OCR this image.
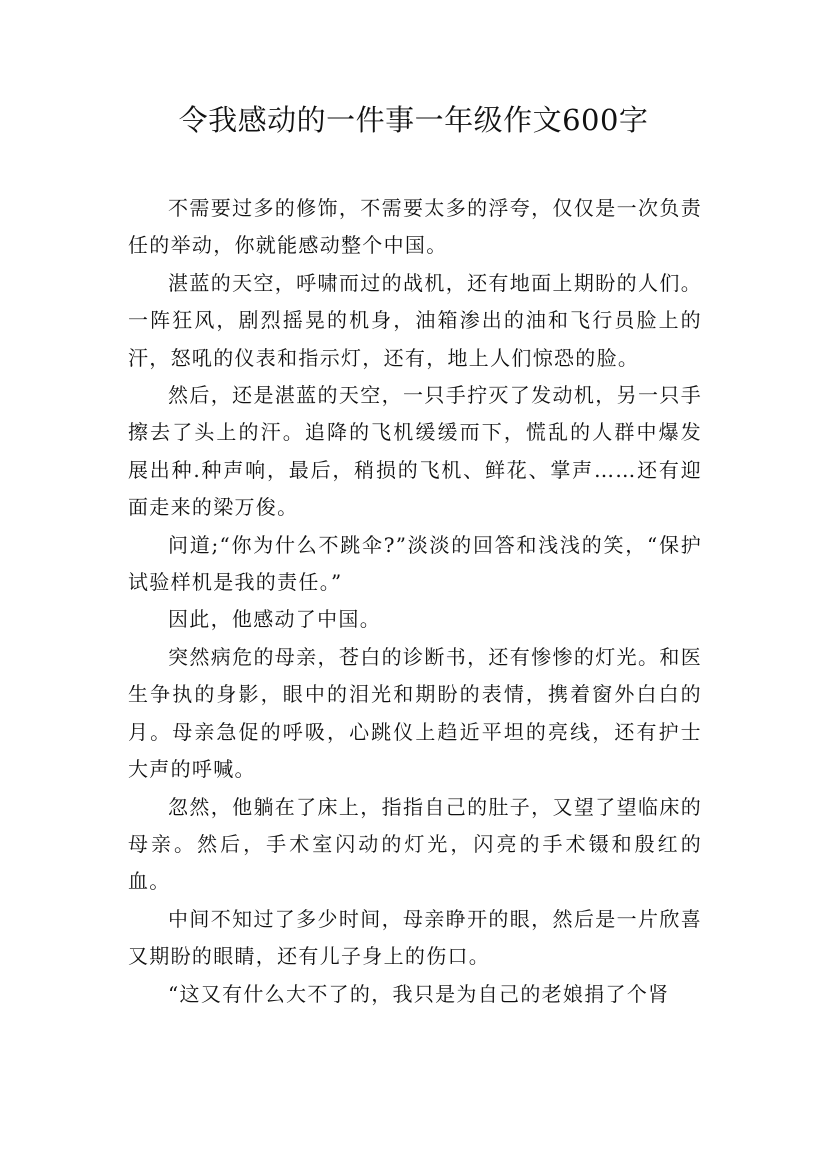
令我感动的一件事一年级作文600字

不需要过多的修饰，不需要太多的浮夸，仅仅是一次负责任的举动，你就能感动整个中国。

湛蓝的天空，呼啸而过的战机，还有地面上期盼的人们。一阵狂风，剧烈摇晃的机身，油箱渗出的油和飞行员脸上的汗，怒吼的仪表和指示灯，还有，地上人们惊恐的脸。

然后，还是湛蓝的天空，一只手拧灭了发动机，另一只手擦去了头上的汗。追降的飞机缓缓而下，慌乱的人群中爆发展出种.种声响，最后，稍损的飞机、鲜花、掌声……还有迎面走来的梁万俊。

问道;“你为什么不跳伞?”淡淡的回答和浅浅的笑，“保护试验样机是我的责任。”

因此，他感动了中国。

突然病危的母亲，苍白的诊断书，还有惨惨的灯光。和医生争执的身影，眼中的泪光和期盼的表情，携着窗外白白的月。母亲急促的呼吸，心跳仪上趋近平坦的亮线，还有护士大声的呼喊。

忽然，他躺在了床上，指指自己的肚子，又望了望临床的母亲。然后，手术室闪动的灯光，闪亮的手术镊和殷红的血。

中间不知过了多少时间，母亲睁开的眼，然后是一片欣喜又期盼的眼睛，还有儿子身上的伤口。

“这又有什么大不了的，我只是为自己的老娘捐了个肾
